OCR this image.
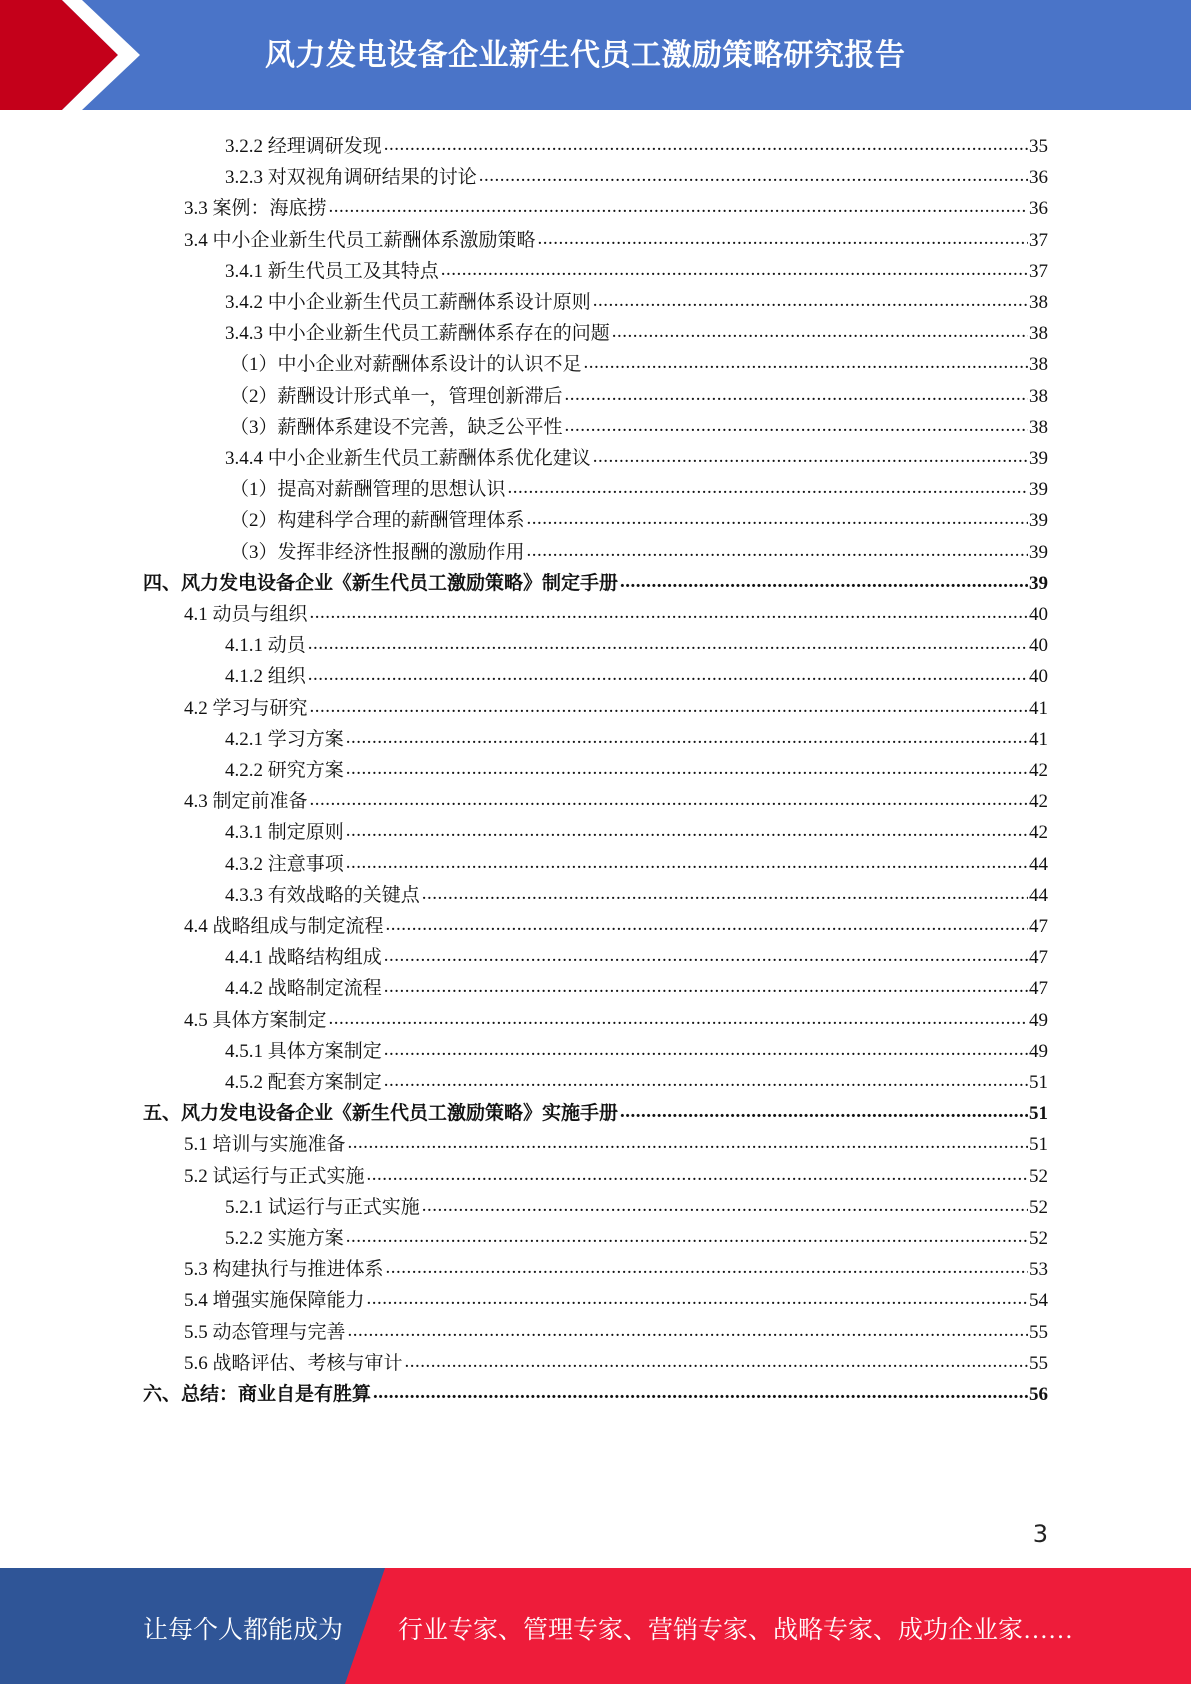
风力发电设备企业新生代员工激励策略研究报告
3.2.2 经理调研发现 .....	35
3.2.3 对双视角调研结果的讨论 .....	36
3.3 案例：海底捞 .....	36
3.4 中小企业新生代员工薪酬体系激励策略 .....	37
3.4.1 新生代员工及其特点 .....	37
3.4.2 中小企业新生代员工薪酬体系设计原则 .....	38
3.4.3 中小企业新生代员工薪酬体系存在的问题 .....	38
（1）中小企业对薪酬体系设计的认识不足 .....	38
（2）薪酬设计形式单一，管理创新滞后 .....	38
（3）薪酬体系建设不完善，缺乏公平性 .....	38
3.4.4 中小企业新生代员工薪酬体系优化建议 .....	39
（1）提高对薪酬管理的思想认识 .....	39
（2）构建科学合理的薪酬管理体系 .....	39
（3）发挥非经济性报酬的激励作用 .....	39
四、风力发电设备企业《新生代员工激励策略》制定手册 .....	39
4.1 动员与组织 .....	40
4.1.1 动员 .....	40
4.1.2 组织 .....	40
4.2 学习与研究 .....	41
4.2.1 学习方案 .....	41
4.2.2 研究方案 .....	42
4.3 制定前准备 .....	42
4.3.1 制定原则 .....	42
4.3.2 注意事项 .....	44
4.3.3 有效战略的关键点 .....	44
4.4 战略组成与制定流程 .....	47
4.4.1 战略结构组成 .....	47
4.4.2 战略制定流程 .....	47
4.5 具体方案制定 .....	49
4.5.1 具体方案制定 .....	49
4.5.2 配套方案制定 .....	51
五、风力发电设备企业《新生代员工激励策略》实施手册 .....	51
5.1 培训与实施准备 .....	51
5.2 试运行与正式实施 .....	52
5.2.1 试运行与正式实施 .....	52
5.2.2 实施方案 .....	52
5.3 构建执行与推进体系 .....	53
5.4 增强实施保障能力 .....	54
5.5 动态管理与完善 .....	55
5.6 战略评估、考核与审计 .....	55
六、总结：商业自是有胜算 .....	56
3
让每个人都能成为 行业专家、管理专家、营销专家、战略专家、成功企业家……
